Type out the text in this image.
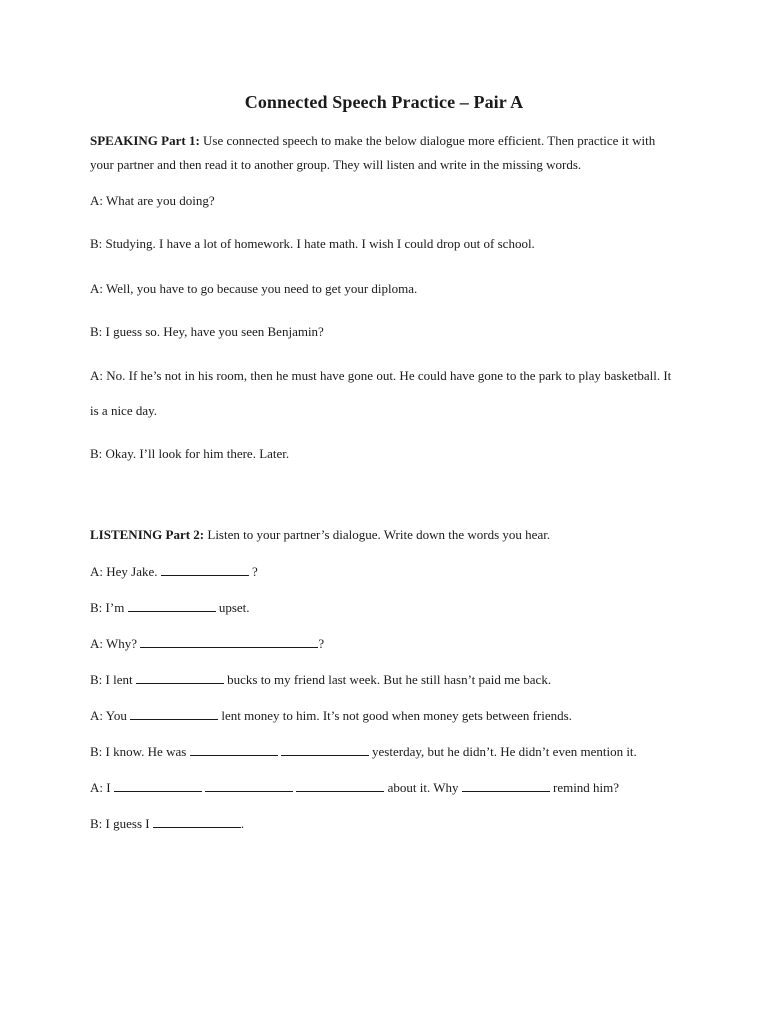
Connected Speech Practice – Pair A
SPEAKING Part 1: Use connected speech to make the below dialogue more efficient. Then practice it with
your partner and then read it to another group. They will listen and write in the missing words.
A: What are you doing?
B: Studying. I have a lot of homework. I hate math. I wish I could drop out of school.
A: Well, you have to go because you need to get your diploma.
B: I guess so. Hey, have you seen Benjamin?
A: No. If he’s not in his room, then he must have gone out. He could have gone to the park to play basketball. It
is a nice day.
B: Okay. I’ll look for him there. Later.
LISTENING Part 2: Listen to your partner’s dialogue. Write down the words you hear.
A: Hey Jake.	?
B: I’m	upset.
A: Why?	?
B: I lent	bucks to my friend last week. But he still hasn’t paid me back.
A: You	lent money to him. It’s not good when money gets between friends.
B: I know. He was	yesterday, but he didn’t. He didn’t even mention it.
A: I	about it. Why	remind him?
B: I guess I	.
